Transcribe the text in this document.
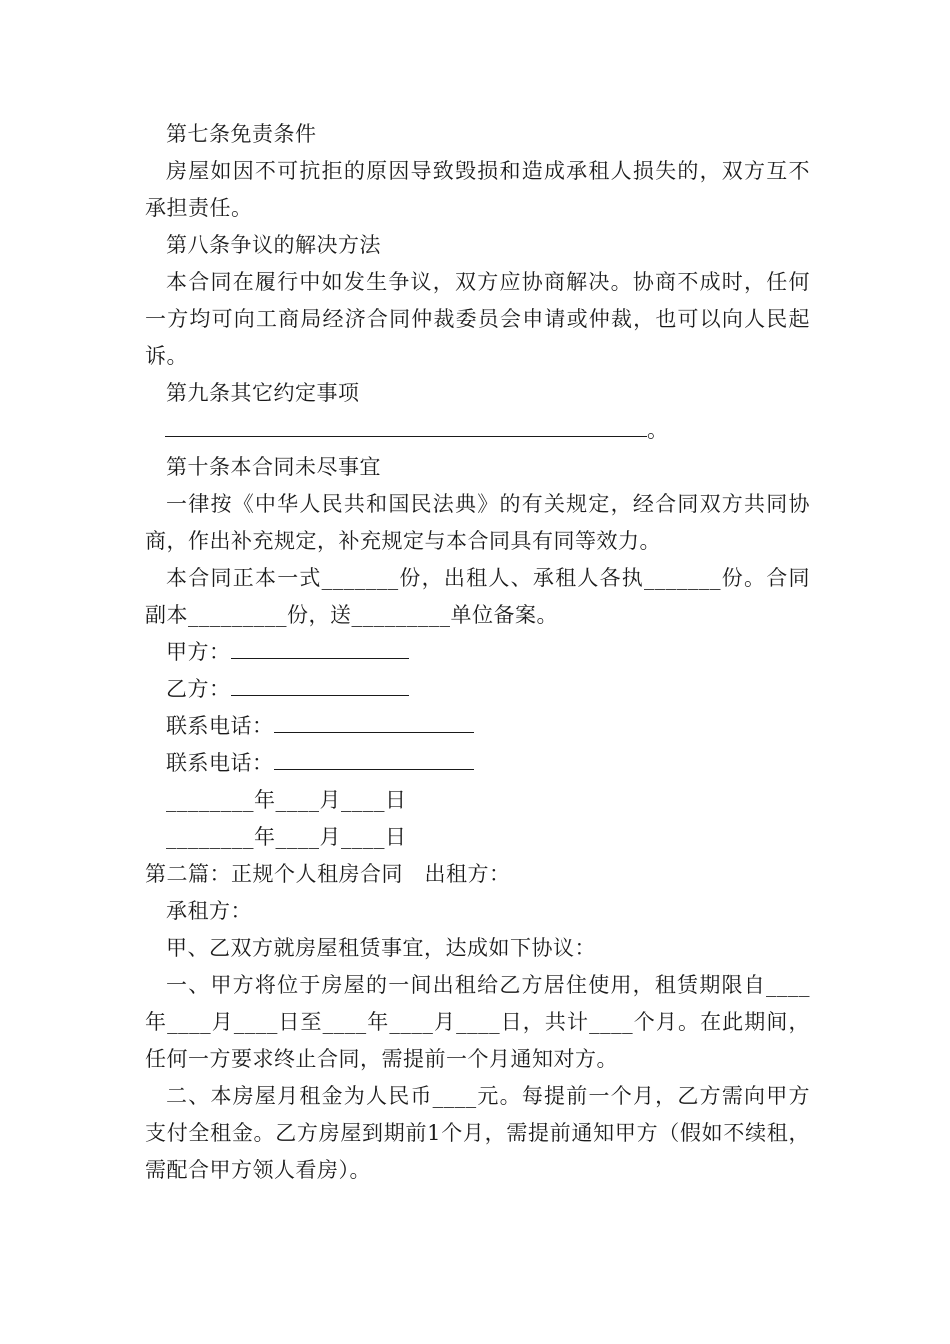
第七条免责条件

房屋如因不可抗拒的原因导致毁损和造成承租人损失的，双方互不承担责任。

第八条争议的解决方法

本合同在履行中如发生争议，双方应协商解决。协商不成时，任何一方均可向工商局经济合同仲裁委员会申请或仲裁，也可以向人民起诉。

第九条其它约定事项

。

第十条本合同未尽事宜

一律按《中华人民共和国民法典》的有关规定，经合同双方共同协商，作出补充规定，补充规定与本合同具有同等效力。

本合同正本一式_______份，出租人、承租人各执_______份。合同副本_________份，送_________单位备案。

甲方：

乙方：

联系电话：

联系电话：

________年____月____日

________年____月____日

第二篇：正规个人租房合同　出租方：

承租方：

甲、乙双方就房屋租赁事宜，达成如下协议：

一、甲方将位于房屋的一间出租给乙方居住使用，租赁期限自____年____月____日至____年____月____日，共计____个月。在此期间，任何一方要求终止合同，需提前一个月通知对方。

二、本房屋月租金为人民币____元。每提前一个月，乙方需向甲方支付全租金。乙方房屋到期前1个月，需提前通知甲方（假如不续租，需配合甲方领人看房）。
